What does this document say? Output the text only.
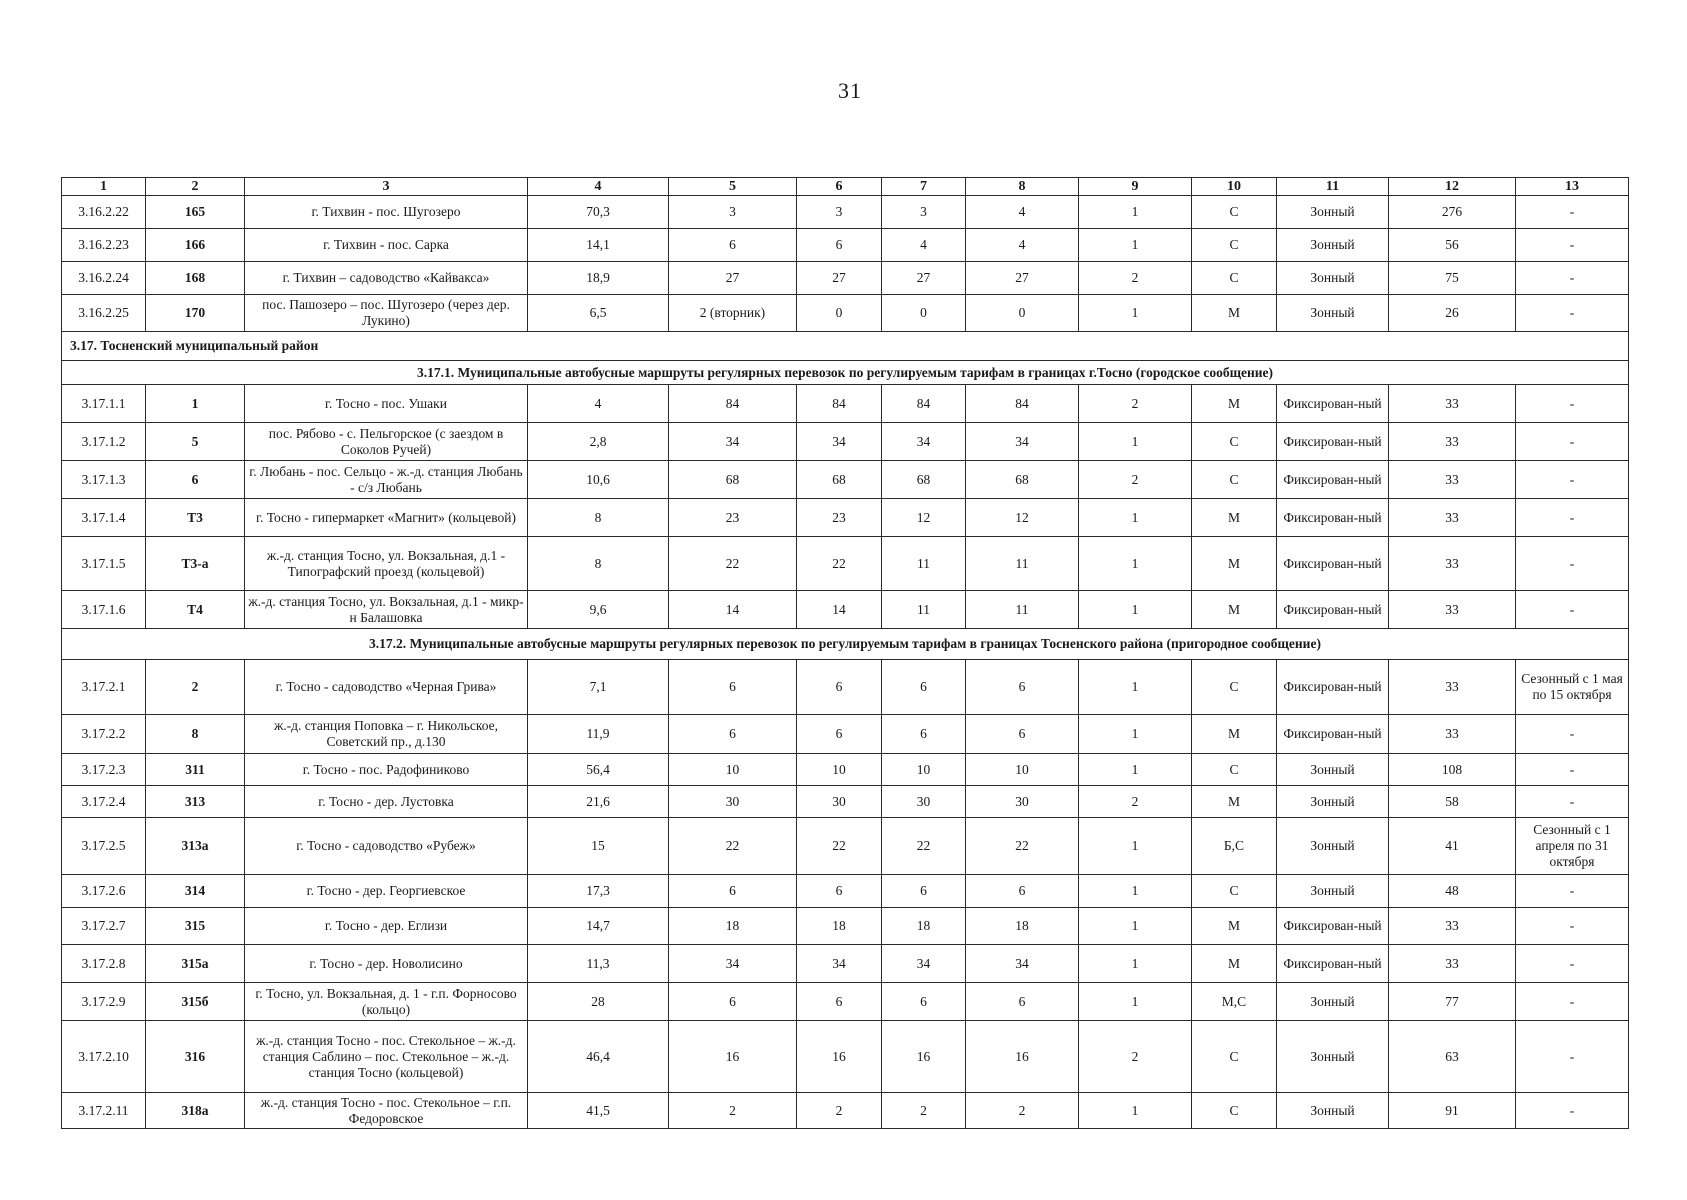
31
1	2	3	4	5	6	7	8	9	10	11	12	13
3.16.2.22	165	г. Тихвин - пос. Шугозеро	70,3	3	3	3	4	1	С	Зонный	276	-
3.16.2.23	166	г. Тихвин - пос. Сарка	14,1	6	6	4	4	1	С	Зонный	56	-
3.16.2.24	168	г. Тихвин – садоводство «Кайвакса»	18,9	27	27	27	27	2	С	Зонный	75	-
3.16.2.25	170	пос. Пашозеро – пос. Шугозеро (через дер. Лукино)	6,5	2 (вторник)	0	0	0	1	М	Зонный	26	-
3.17. Тосненский муниципальный район												
3.17.1. Муниципальные автобусные маршруты регулярных перевозок по регулируемым тарифам в границах г.Тосно (городское сообщение)												
3.17.1.1	1	г. Тосно - пос. Ушаки	4	84	84	84	84	2	М	Фиксирован-ный	33	-
3.17.1.2	5	пос. Рябово - с. Пельгорское (с заездом в Соколов Ручей)	2,8	34	34	34	34	1	С	Фиксирован-ный	33	-
3.17.1.3	6	г. Любань - пос. Сельцо - ж.-д. станция Любань - с/з Любань	10,6	68	68	68	68	2	С	Фиксирован-ный	33	-
3.17.1.4	Т3	г. Тосно - гипермаркет «Магнит» (кольцевой)	8	23	23	12	12	1	М	Фиксирован-ный	33	-
3.17.1.5	Т3-а	ж.-д. станция Тосно, ул. Вокзальная, д.1 - Типографский проезд (кольцевой)	8	22	22	11	11	1	М	Фиксирован-ный	33	-
3.17.1.6	Т4	ж.-д. станция Тосно, ул. Вокзальная, д.1 - микр-н Балашовка	9,6	14	14	11	11	1	М	Фиксирован-ный	33	-
3.17.2. Муниципальные автобусные маршруты регулярных перевозок по регулируемым тарифам в границах Тосненского района (пригородное сообщение)												
3.17.2.1	2	г. Тосно - садоводство «Черная Грива»	7,1	6	6	6	6	1	С	Фиксирован-ный	33	Сезонный с 1 мая по 15 октября
3.17.2.2	8	ж.-д. станция Поповка – г. Никольское, Советский пр., д.130	11,9	6	6	6	6	1	М	Фиксирован-ный	33	-
3.17.2.3	311	г. Тосно - пос. Радофиниково	56,4	10	10	10	10	1	С	Зонный	108	-
3.17.2.4	313	г. Тосно - дер. Лустовка	21,6	30	30	30	30	2	М	Зонный	58	-
3.17.2.5	313а	г. Тосно - садоводство «Рубеж»	15	22	22	22	22	1	Б,С	Зонный	41	Сезонный с 1 апреля по 31 октября
3.17.2.6	314	г. Тосно - дер. Георгиевское	17,3	6	6	6	6	1	С	Зонный	48	-
3.17.2.7	315	г. Тосно - дер. Еглизи	14,7	18	18	18	18	1	М	Фиксирован-ный	33	-
3.17.2.8	315а	г. Тосно - дер. Новолисино	11,3	34	34	34	34	1	М	Фиксирован-ный	33	-
3.17.2.9	315б	г. Тосно, ул. Вокзальная, д. 1 - г.п. Форносово (кольцо)	28	6	6	6	6	1	М,С	Зонный	77	-
3.17.2.10	316	ж.-д. станция Тосно - пос. Стекольное – ж.-д. станция Саблино – пос. Стекольное – ж.-д. станция Тосно (кольцевой)	46,4	16	16	16	16	2	С	Зонный	63	-
3.17.2.11	318а	ж.-д. станция Тосно - пос. Стекольное – г.п. Федоровское	41,5	2	2	2	2	1	С	Зонный	91	-
